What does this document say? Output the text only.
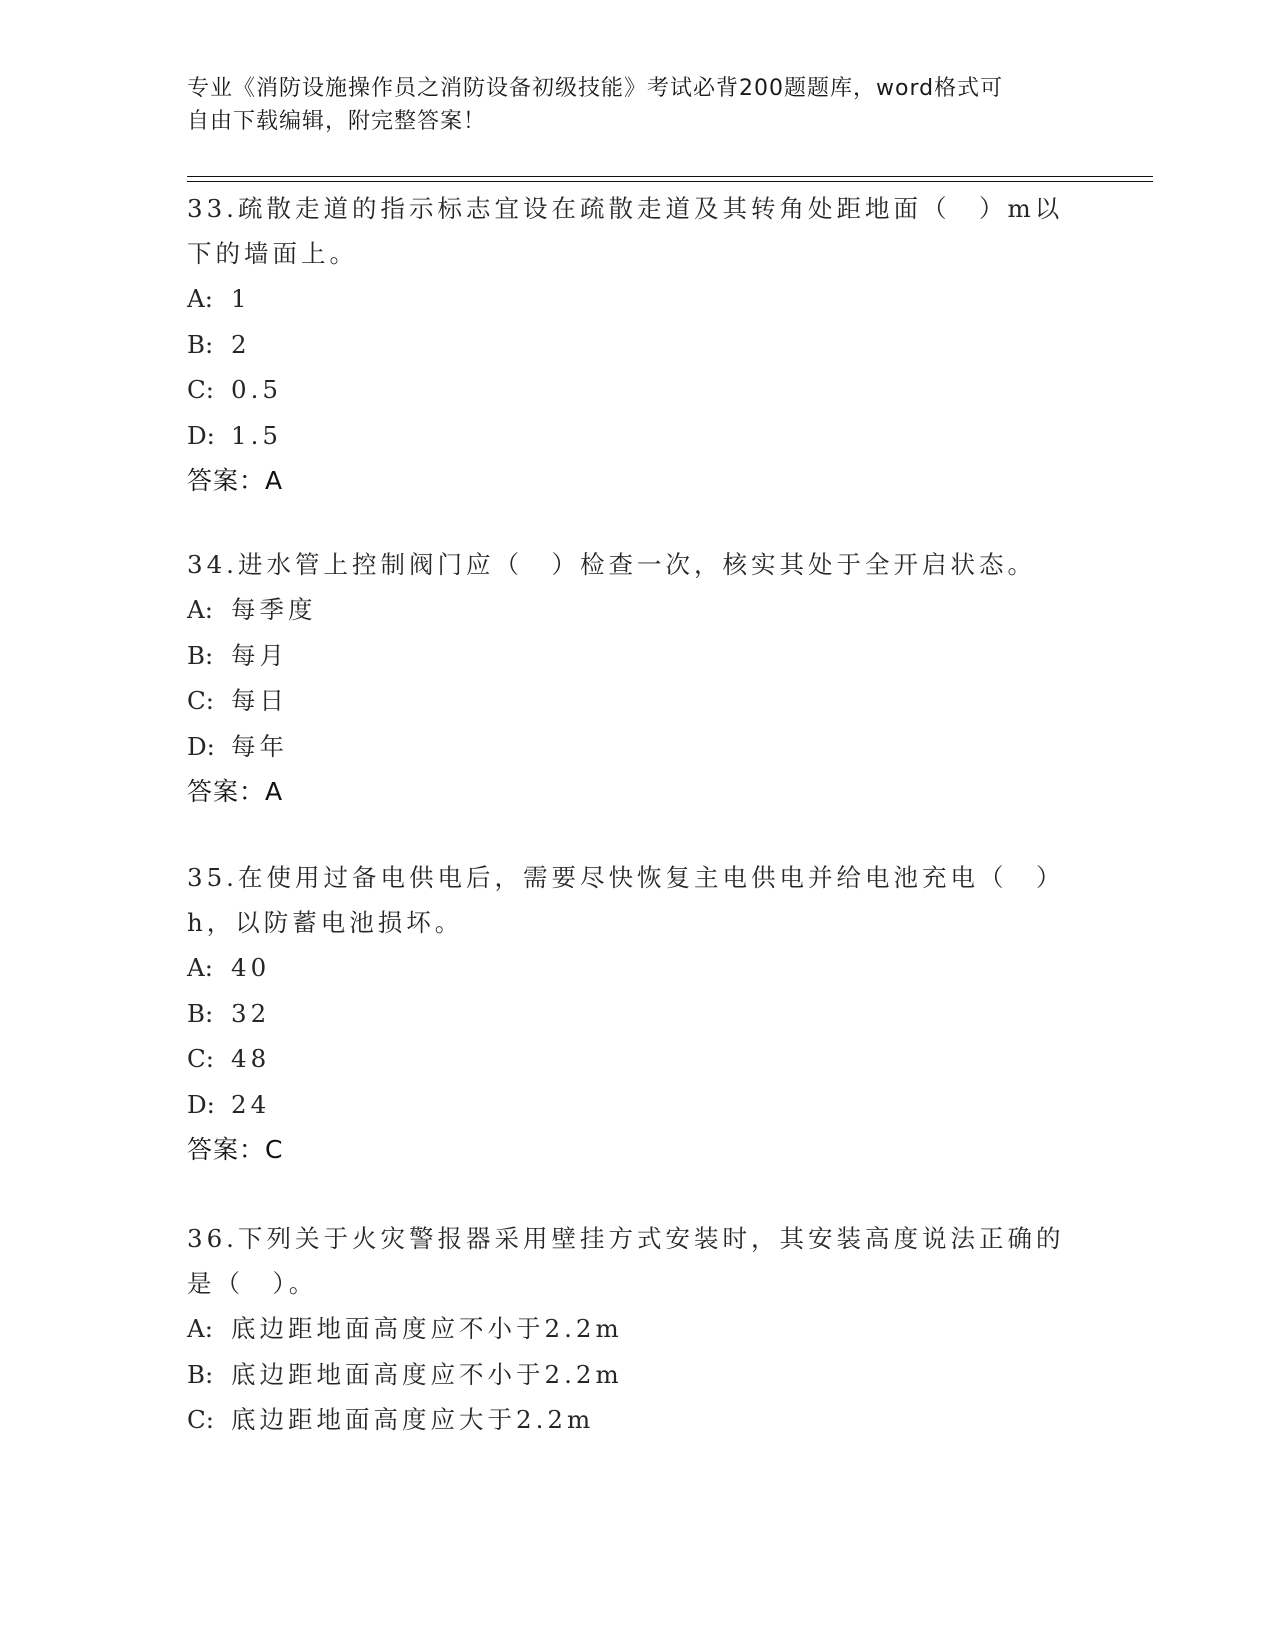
专业《消防设施操作员之消防设备初级技能》考试必背200题题库，word格式可
自由下载编辑，附完整答案！
33.疏散走道的指示标志宜设在疏散走道及其转角处距地面（　）m以
下的墙面上。
A: 1
B: 2
C: 0.5
D: 1.5
答案：A
34.进水管上控制阀门应（　）检查一次，核实其处于全开启状态。
A: 每季度
B: 每月
C: 每日
D: 每年
答案：A
35.在使用过备电供电后，需要尽快恢复主电供电并给电池充电（　）
h，以防蓄电池损坏。
A: 40
B: 32
C: 48
D: 24
答案：C
36.下列关于火灾警报器采用壁挂方式安装时，其安装高度说法正确的
是（　）。
A: 底边距地面高度应不小于2.2m
B: 底边距地面高度应不小于2.2m
C: 底边距地面高度应大于2.2m
